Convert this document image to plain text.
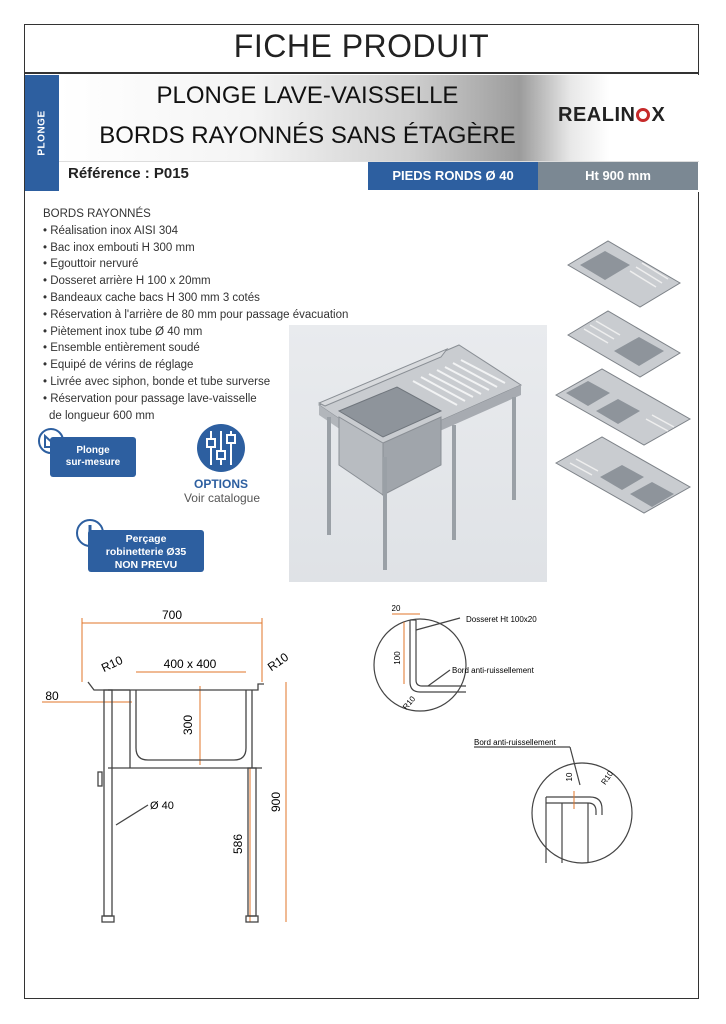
FICHE PRODUIT
PLONGE
PLONGE LAVE-VAISSELLE
BORDS RAYONNÉS SANS ÉTAGÈRE
REALIN X
Référence : P015	PIEDS RONDS Ø 40	Ht 900 mm
BORDS RAYONNÉS
• Réalisation inox AISI 304
• Bac inox embouti H 300 mm
• Egouttoir nervuré
• Dosseret arrière H 100 x 20mm
• Bandeaux cache bacs H 300 mm 3 cotés
• Réservation à l'arrière de 80 mm pour passage évacuation
• Piètement inox tube Ø 40 mm
• Ensemble entièrement soudé
• Equipé de vérins de réglage
• Livrée avec siphon, bonde et tube surverse
• Réservation pour passage lave-vaisselle
de longueur 600 mm
Plonge
sur-mesure
OPTIONS
Voir catalogue
Perçage
robinetterie Ø35
NON PREVU
700
400 x 400
R10	R10
80
300
Ø 40
586
900
20
100
R10
Dosseret Ht 100x20
Bord anti-ruissellement
Bord anti-ruissellement
10	R10
